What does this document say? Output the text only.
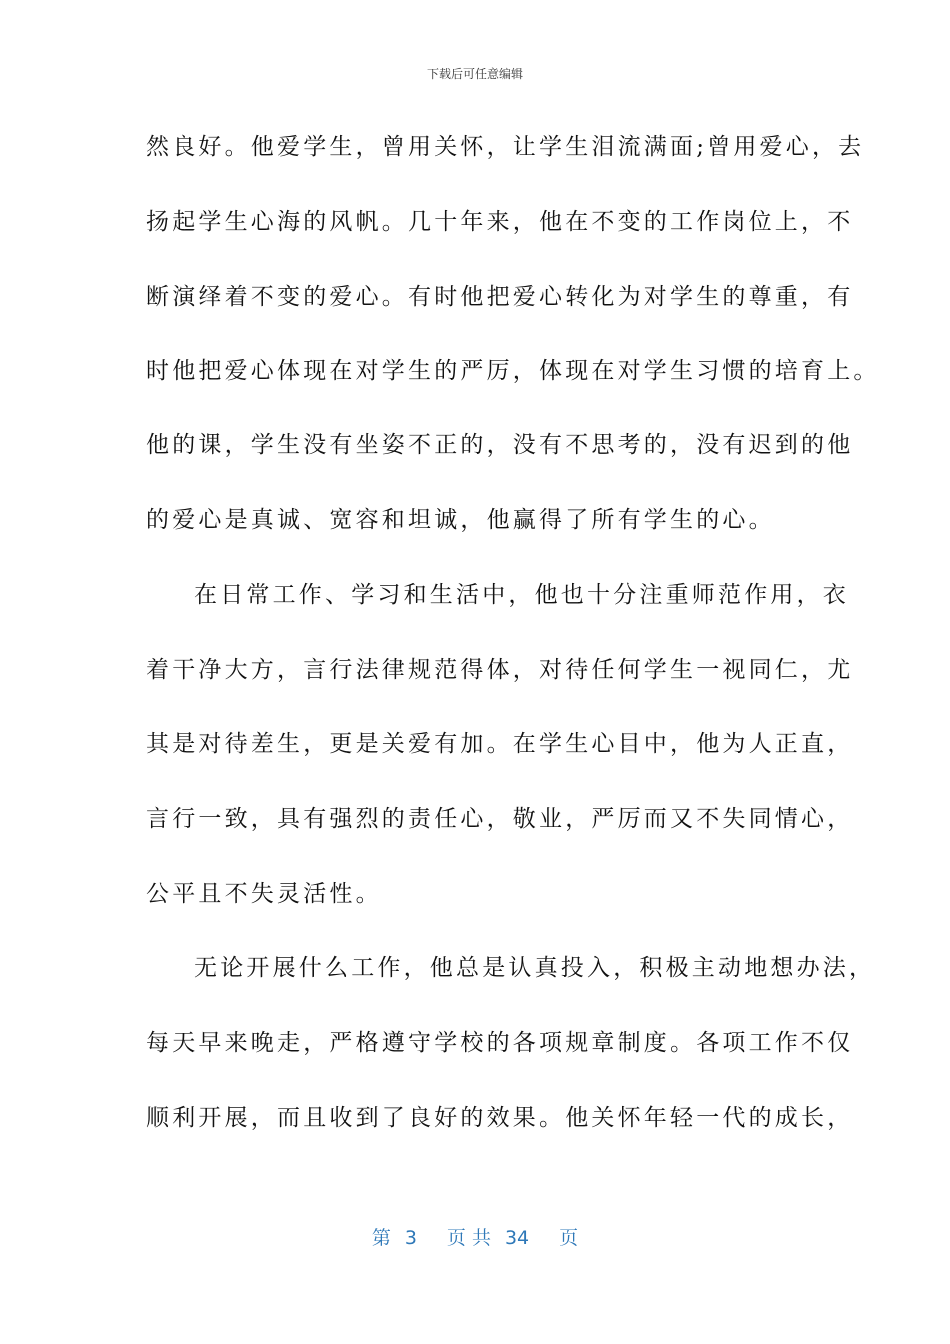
下载后可任意编辑
然良好。他爱学生，曾用关怀，让学生泪流满面;曾用爱心，去
扬起学生心海的风帆。几十年来，他在不变的工作岗位上，不
断演绎着不变的爱心。有时他把爱心转化为对学生的尊重，有
时他把爱心体现在对学生的严厉，体现在对学生习惯的培育上。
他的课，学生没有坐姿不正的，没有不思考的，没有迟到的他
的爱心是真诚、宽容和坦诚，他赢得了所有学生的心。
在日常工作、学习和生活中，他也十分注重师范作用，衣
着干净大方，言行法律规范得体，对待任何学生一视同仁，尤
其是对待差生，更是关爱有加。在学生心目中，他为人正直，
言行一致，具有强烈的责任心，敬业，严厉而又不失同情心，
公平且不失灵活性。
无论开展什么工作，他总是认真投入，积极主动地想办法，
每天早来晚走，严格遵守学校的各项规章制度。各项工作不仅
顺利开展，而且收到了良好的效果。他关怀年轻一代的成长，
第 3 页 共 34 页
